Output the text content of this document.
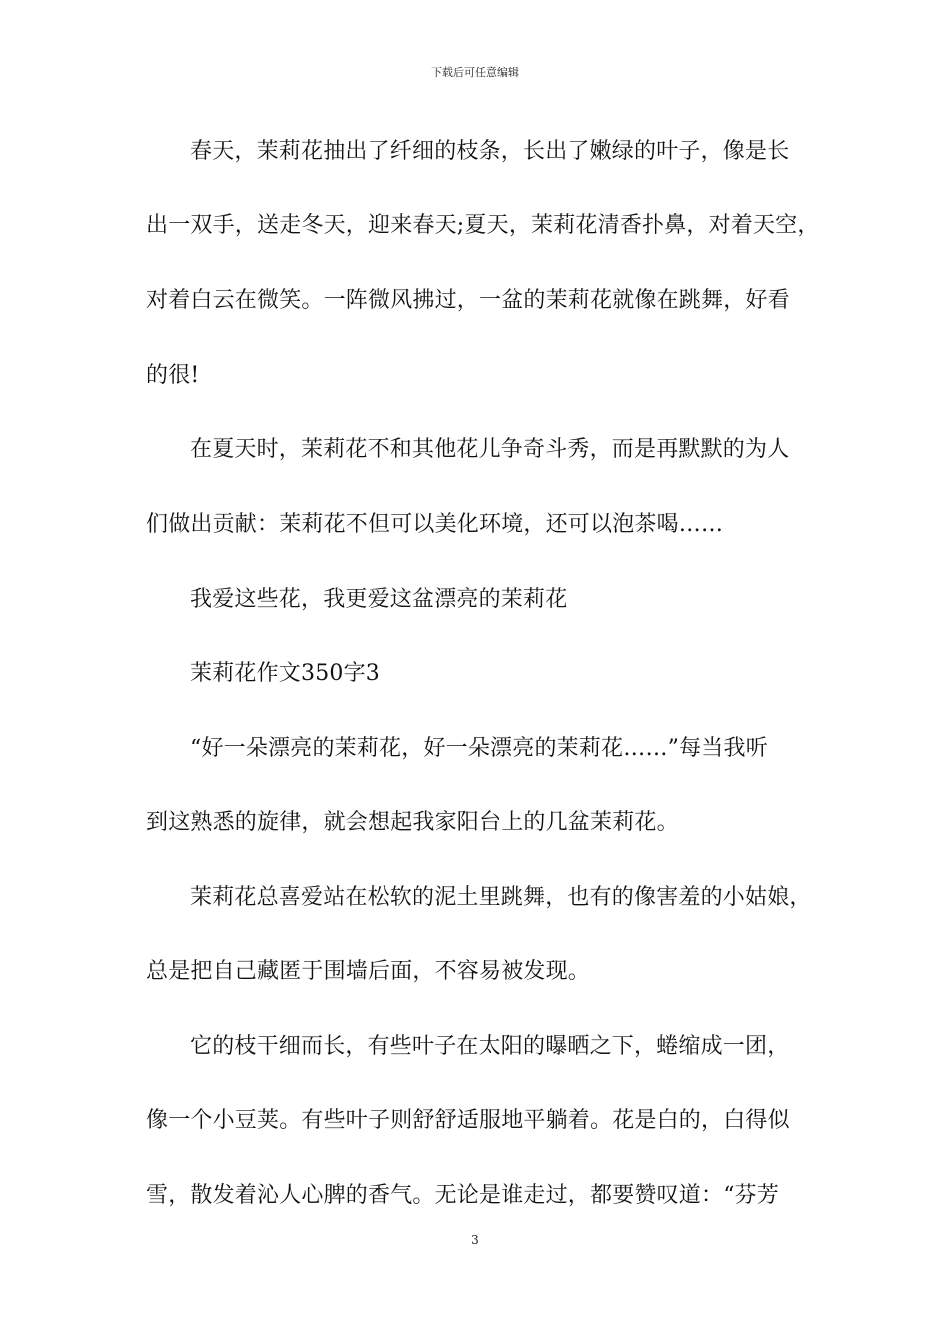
下载后可任意编辑
春天，茉莉花抽出了纤细的枝条，长出了嫩绿的叶子，像是长
出一双手，送走冬天，迎来春天;夏天，茉莉花清香扑鼻，对着天空，
对着白云在微笑。一阵微风拂过，一盆的茉莉花就像在跳舞，好看
的很!
在夏天时，茉莉花不和其他花儿争奇斗秀，而是再默默的为人
们做出贡献：茉莉花不但可以美化环境，还可以泡茶喝……
我爱这些花，我更爱这盆漂亮的茉莉花
茉莉花作文350字3
“好一朵漂亮的茉莉花，好一朵漂亮的茉莉花……”每当我听
到这熟悉的旋律，就会想起我家阳台上的几盆茉莉花。
茉莉花总喜爱站在松软的泥土里跳舞，也有的像害羞的小姑娘，
总是把自己藏匿于围墙后面，不容易被发现。
它的枝干细而长，有些叶子在太阳的曝晒之下，蜷缩成一团，
像一个小豆荚。有些叶子则舒舒适服地平躺着。花是白的，白得似
雪，散发着沁人心脾的香气。无论是谁走过，都要赞叹道：“芬芳
3
